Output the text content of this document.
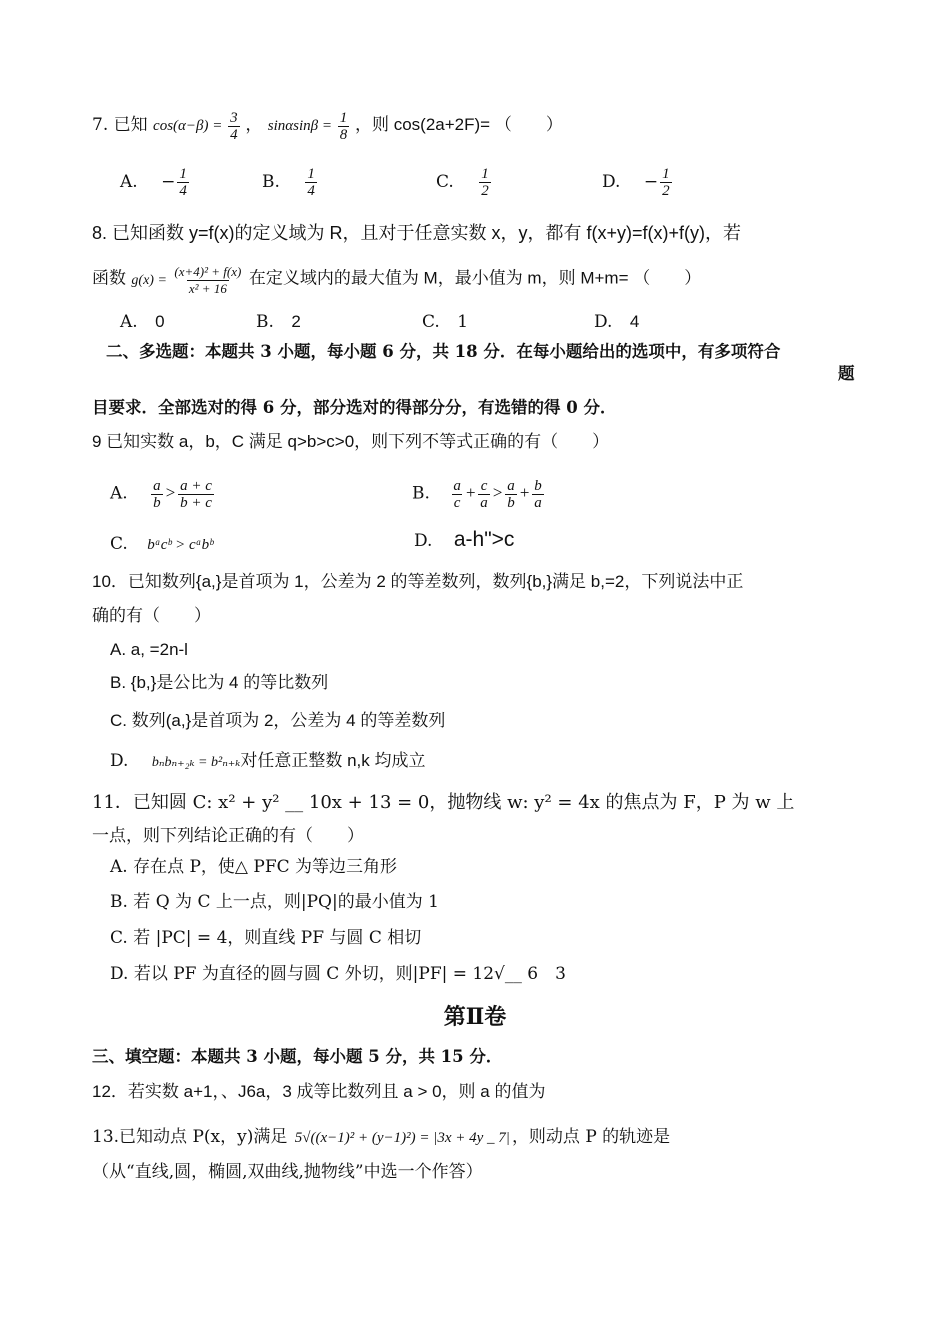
7. 已知 $\cos(\alpha-\beta) = \frac{3}{4}$ ， $\sin\alpha\sin\beta = \frac{1}{8}$ ，则 cos(2a+2F)= （　　）
A. − $\frac{1}{4}$	B. $\frac{1}{4}$	C. $\frac{1}{2}$	D. − $\frac{1}{2}$
8. 已知函数 y=f(x)的定义域为 R，且对于任意实数 x，y，都有 f(x+y)=f(x)+f(y)，若
函数 $g(x) = \frac{\text{(x+4)² + f(x)}}{\text{x² + 16}}$ 在定义域内的最大值为 M，最小值为 m，则 M+m= （　　）
A. 0	B. 2	C. 1	D. 4
二、多选题：本题共 3 小题，每小题 6 分，共 18 分．在每小题给出的选项中，有多项符合
题
目要求．全部选对的得 6 分，部分选对的得部分分，有选错的得 0 分．
9 已知实数 a，b，C 满足 q>b>c>0，则下列不等式正确的有（　　）
A. $\frac{a}{b} > \frac{a + c}{b + c}$	B. $\frac{a}{c} + \frac{c}{a} > \frac{a}{b} + \frac{b}{a}$
C. bᵃcᵇ > cᵃbᵇ	D. a-h">c
10．已知数列{a,}是首项为 1，公差为 2 的等差数列，数列{b,}满足 b,=2，下列说法中正
确的有（　　）
A. a, =2n-l
B. {b,}是公比为 4 的等比数列
C. 数列(a,}是首项为 2，公差为 4 的等差数列
D. bₙbₙ₊₂ₖ = b²ₙ₊ₖ对任意正整数 n,k 均成立
11．已知圆 C: x² + y² __ 10x + 13 = 0，抛物线 w: y² = 4x 的焦点为 F，P 为 w 上
一点，则下列结论正确的有（　　）
A. 存在点 P，使△ PFC 为等边三角形
B. 若 Q 为 C 上一点，则|PQ|的最小值为 1
C. 若 |PC| = 4，则直线 PF 与圆 C 相切
D. 若以 PF 为直径的圆与圆 C 外切，则|PF| = 12√__ 6　3
第Ⅱ卷
三、填空题：本题共 3 小题，每小题 5 分，共 15 分．
12．若实数 a+1，、J6a，3 成等比数列且 a > 0，则 a 的值为
13.已知动点 P(x，y)满足 5√((x−1)² + (y−1)²) = |3x + 4y _ 7| ，则动点 P 的轨迹是
（从“直线,圆，椭圆,双曲线,抛物线”中选一个作答）
